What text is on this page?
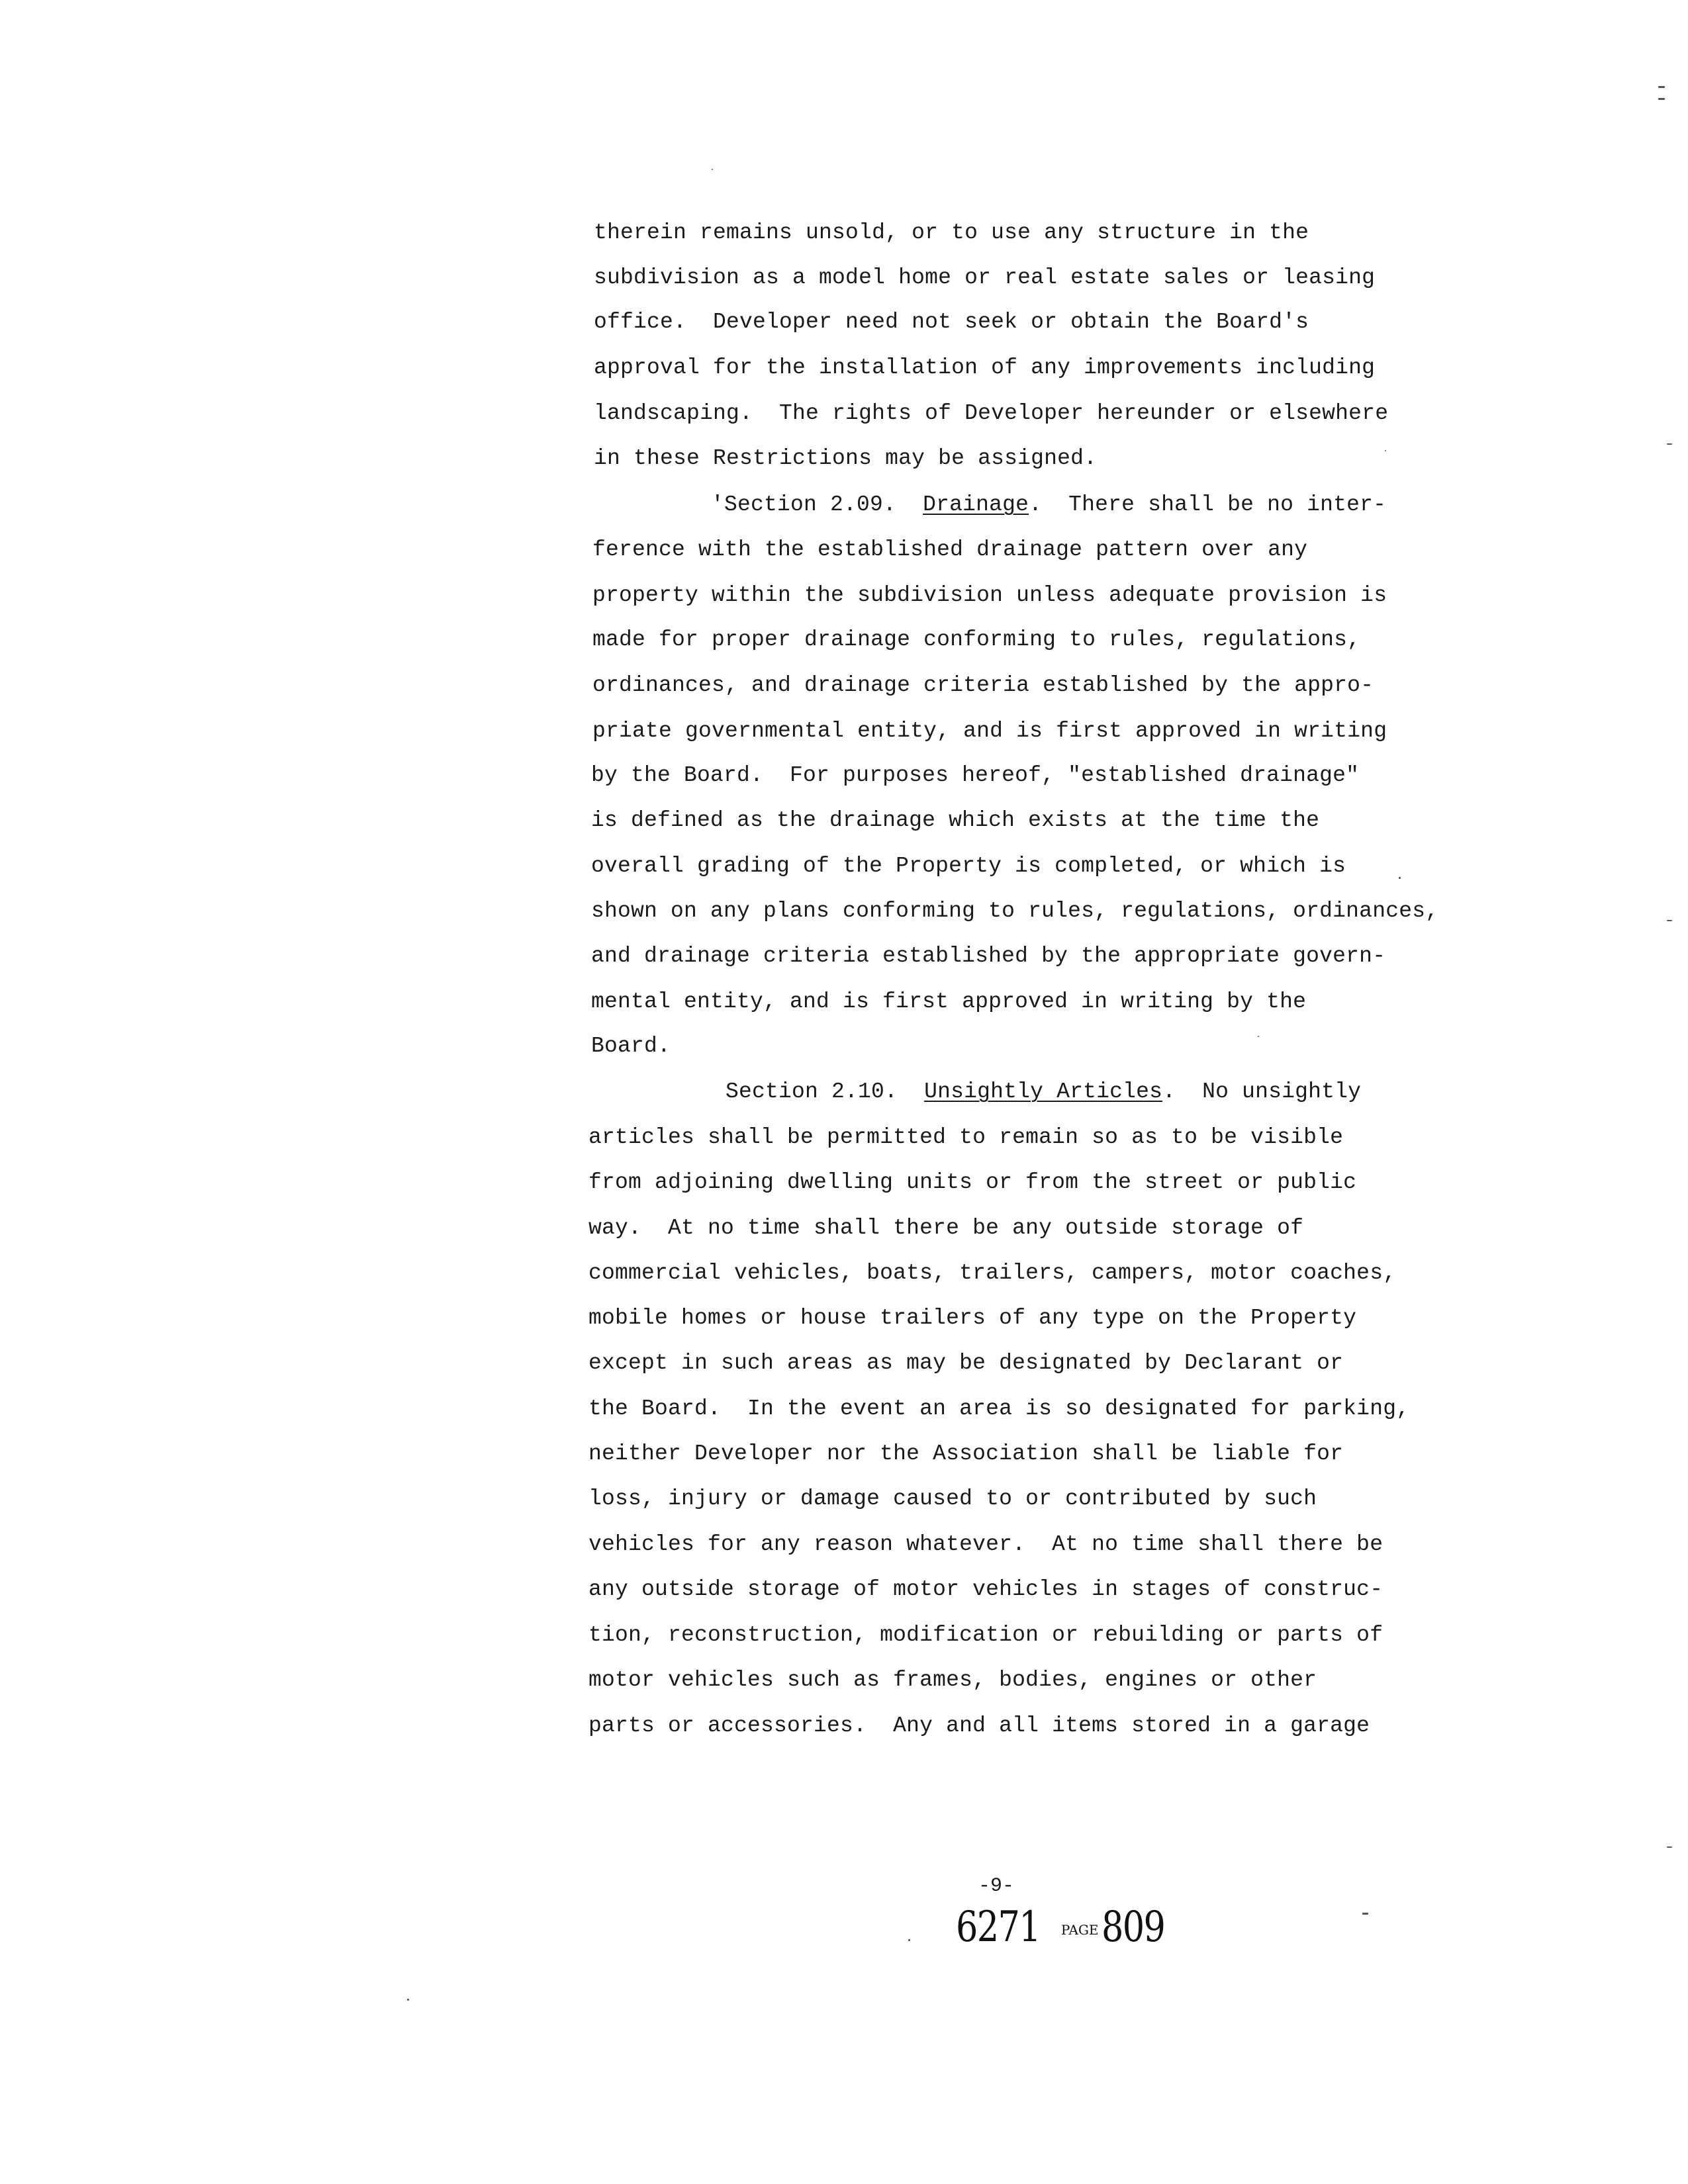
therein remains unsold, or to use any structure in the
subdivision as a model home or real estate sales or leasing
office.  Developer need not seek or obtain the Board's
approval for the installation of any improvements including
landscaping.  The rights of Developer hereunder or elsewhere
in these Restrictions may be assigned.
'Section 2.09.  Drainage.  There shall be no inter-
ference with the established drainage pattern over any
property within the subdivision unless adequate provision is
made for proper drainage conforming to rules, regulations,
ordinances, and drainage criteria established by the appro-
priate governmental entity, and is first approved in writing
by the Board.  For purposes hereof, "established drainage"
is defined as the drainage which exists at the time the
overall grading of the Property is completed, or which is
shown on any plans conforming to rules, regulations, ordinances,
and drainage criteria established by the appropriate govern-
mental entity, and is first approved in writing by the
Board.
Section 2.10.  Unsightly Articles.  No unsightly
articles shall be permitted to remain so as to be visible
from adjoining dwelling units or from the street or public
way.  At no time shall there be any outside storage of
commercial vehicles, boats, trailers, campers, motor coaches,
mobile homes or house trailers of any type on the Property
except in such areas as may be designated by Declarant or
the Board.  In the event an area is so designated for parking,
neither Developer nor the Association shall be liable for
loss, injury or damage caused to or contributed by such
vehicles for any reason whatever.  At no time shall there be
any outside storage of motor vehicles in stages of construc-
tion, reconstruction, modification or rebuilding or parts of
motor vehicles such as frames, bodies, engines or other
parts or accessories.  Any and all items stored in a garage
-9-
6271 PAGE809
